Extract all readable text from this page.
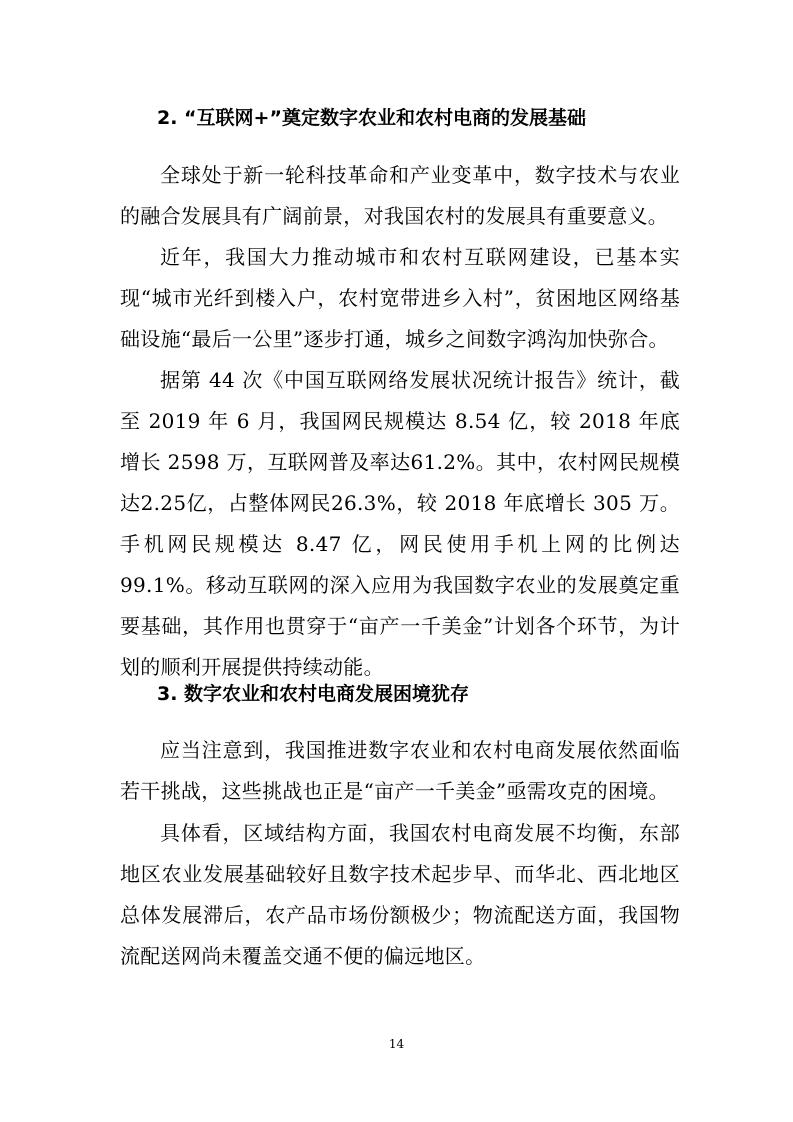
2. “互联网+”奠定数字农业和农村电商的发展基础

全球处于新一轮科技革命和产业变革中，数字技术与农业的融合发展具有广阔前景，对我国农村的发展具有重要意义。

近年，我国大力推动城市和农村互联网建设，已基本实现“城市光纤到楼入户，农村宽带进乡入村”，贫困地区网络基础设施“最后一公里”逐步打通，城乡之间数字鸿沟加快弥合。

据第 44 次《中国互联网络发展状况统计报告》统计，截至 2019 年 6 月，我国网民规模达 8.54 亿，较 2018 年底增长 2598 万，互联网普及率达61.2%。其中，农村网民规模达2.25亿，占整体网民26.3%，较 2018 年底增长 305 万。手机网民规模达 8.47 亿，网民使用手机上网的比例达 99.1%。移动互联网的深入应用为我国数字农业的发展奠定重要基础，其作用也贯穿于“亩产一千美金”计划各个环节，为计划的顺利开展提供持续动能。

3. 数字农业和农村电商发展困境犹存

应当注意到，我国推进数字农业和农村电商发展依然面临若干挑战，这些挑战也正是“亩产一千美金”亟需攻克的困境。

具体看，区域结构方面，我国农村电商发展不均衡，东部地区农业发展基础较好且数字技术起步早、而华北、西北地区总体发展滞后，农产品市场份额极少；物流配送方面，我国物流配送网尚未覆盖交通不便的偏远地区。

14
